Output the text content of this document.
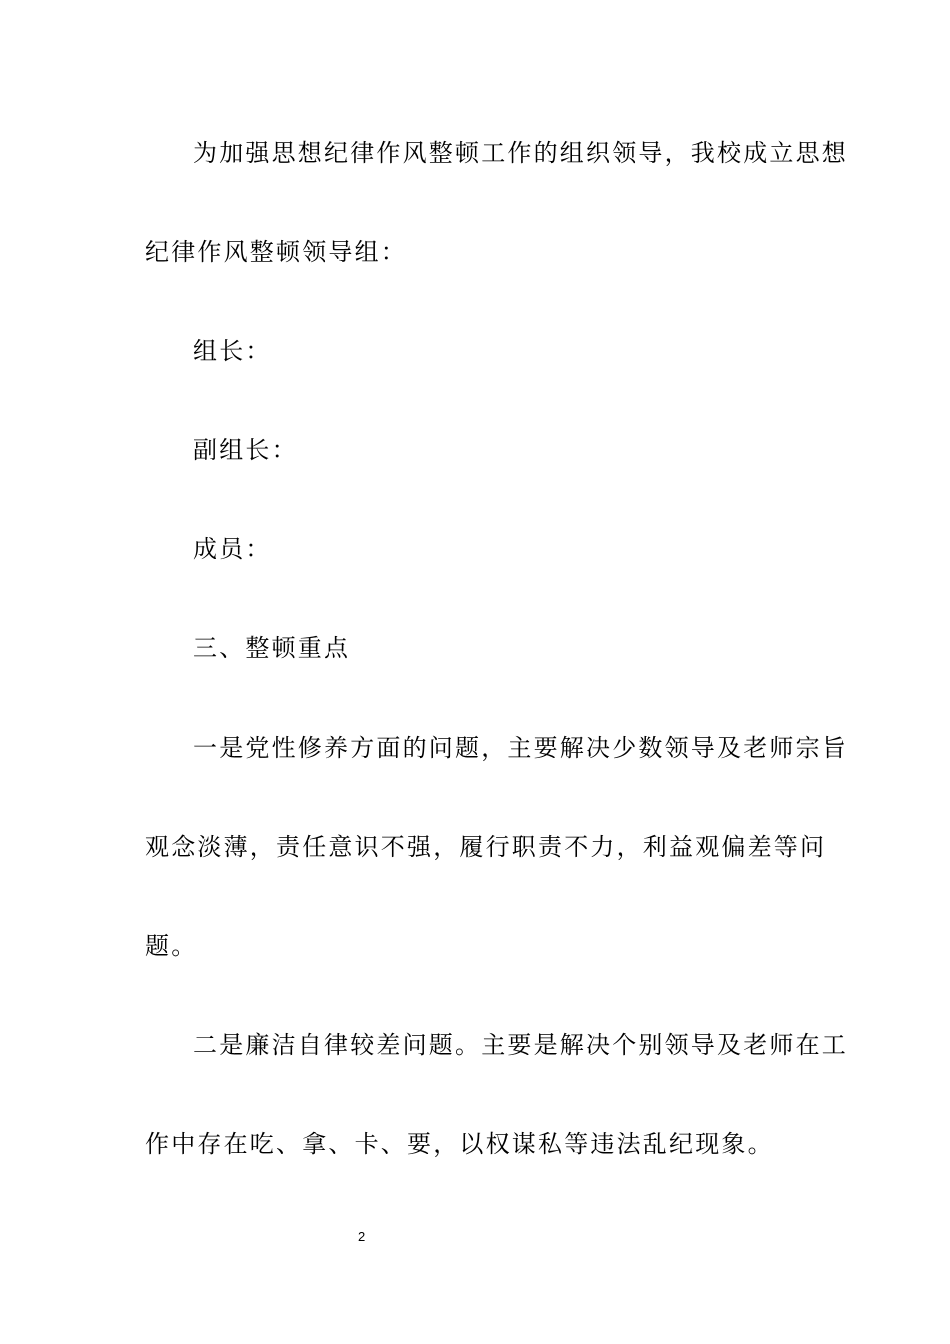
为加强思想纪律作风整顿工作的组织领导，我校成立思想
纪律作风整顿领导组：
组长：
副组长：
成员：
三、整顿重点
一是党性修养方面的问题，主要解决少数领导及老师宗旨
观念淡薄，责任意识不强，履行职责不力，利益观偏差等问
题。
二是廉洁自律较差问题。主要是解决个别领导及老师在工
作中存在吃、拿、卡、要，以权谋私等违法乱纪现象。
2
